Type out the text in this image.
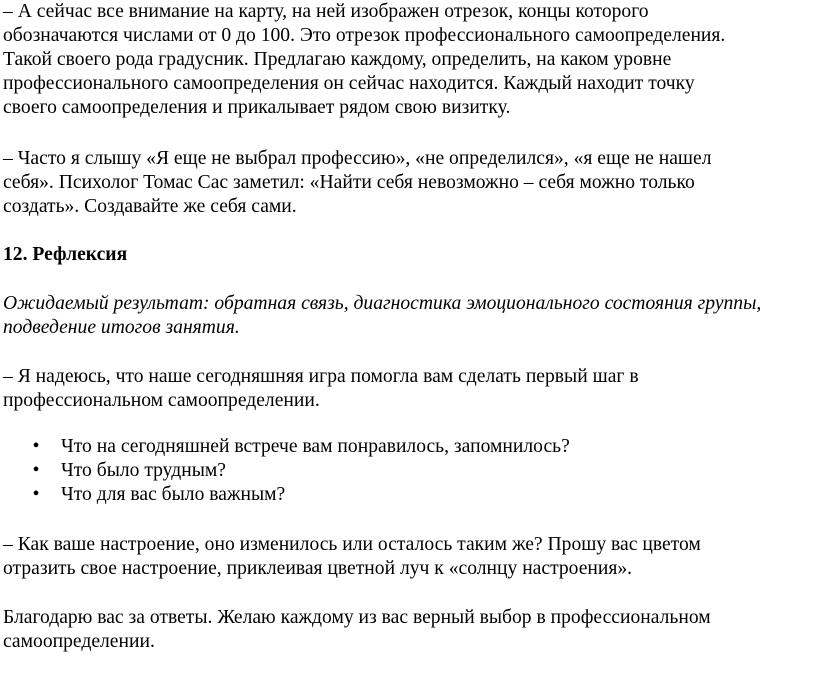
– А сейчас все внимание на карту, на ней изображен отрезок, концы которого
обозначаются числами от 0 до 100. Это отрезок профессионального самоопределения.
Такой своего рода градусник. Предлагаю каждому, определить, на каком уровне
профессионального самоопределения он сейчас находится. Каждый находит точку
своего самоопределения и прикалывает рядом свою визитку.
– Часто я слышу «Я еще не выбрал профессию», «не определился», «я еще не нашел
себя». Психолог Томас Сас заметил: «Найти себя невозможно – себя можно только
создать». Создавайте же себя сами.
12. Рефлексия
Ожидаемый результат: обратная связь, диагностика эмоционального состояния группы,
подведение итогов занятия.
– Я надеюсь, что наше сегодняшняя игра помогла вам сделать первый шаг в
профессиональном самоопределении.
• Что на сегодняшней встрече вам понравилось, запомнилось?
• Что было трудным?
• Что для вас было важным?
– Как ваше настроение, оно изменилось или осталось таким же? Прошу вас цветом
отразить свое настроение, приклеивая цветной луч к «солнцу настроения».
Благодарю вас за ответы. Желаю каждому из вас верный выбор в профессиональном
самоопределении.
